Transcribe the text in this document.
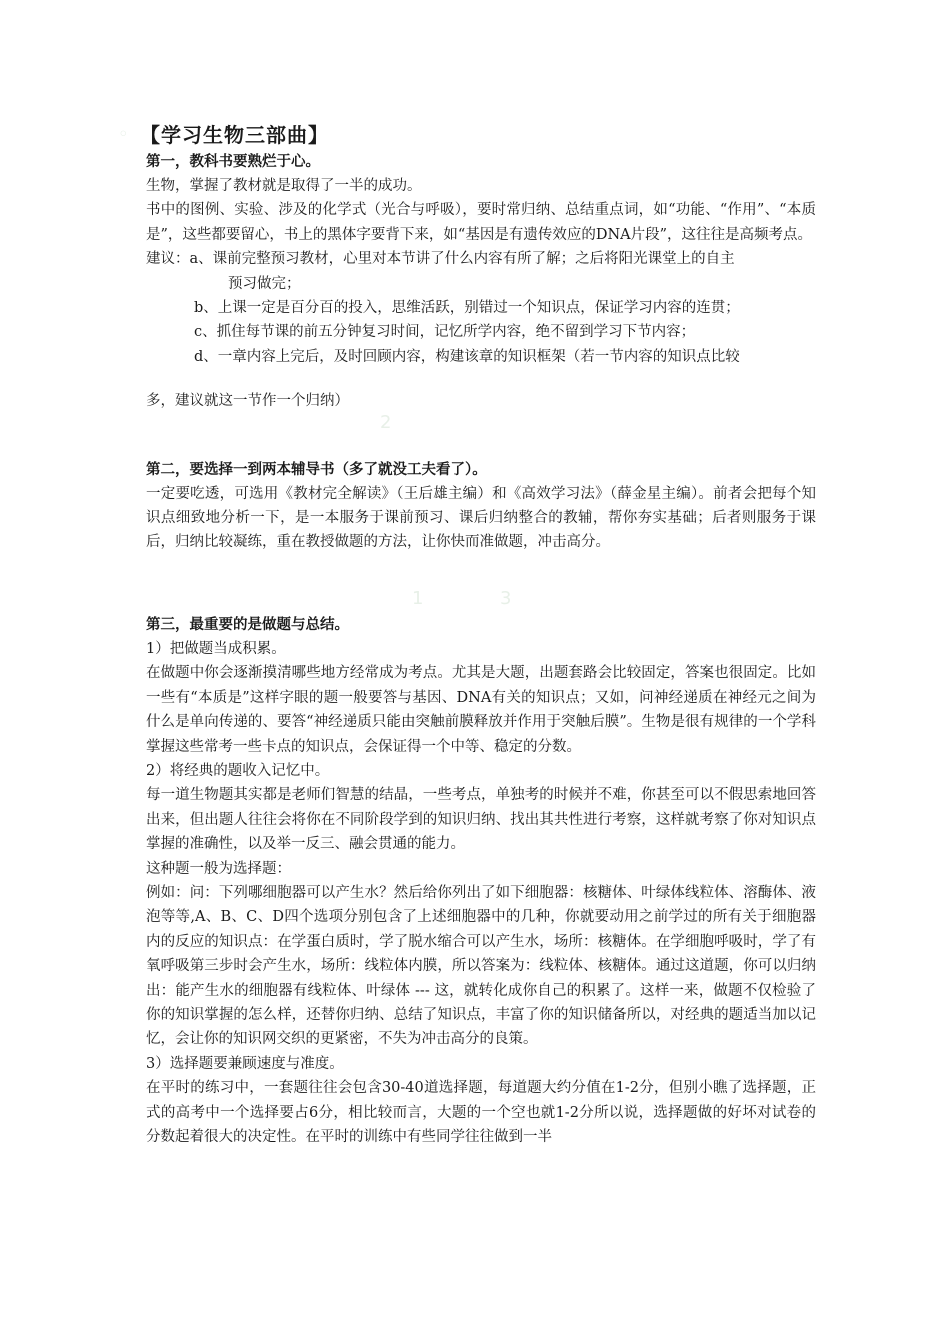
◦
2
1	3
【学习生物三部曲】
第一，教科书要熟烂于心。

生物，掌握了教材就是取得了一半的成功。

书中的图例、实验、涉及的化学式（光合与呼吸），要时常归纳、总结重点词，如“功能、“作用”、“本质是”，这些都要留心，书上的黑体字要背下来，如“基因是有遗传效应的DNA片段”，这往往是高频考点。

建议：a、课前完整预习教材，心里对本节讲了什么内容有所了解；之后将阳光课堂上的自主

预习做完；

b、上课一定是百分百的投入，思维活跃，别错过一个知识点，保证学习内容的连贯；

c、抓住每节课的前五分钟复习时间，记忆所学内容，绝不留到学习下节内容；

d、一章内容上完后，及时回顾内容，构建该章的知识框架（若一节内容的知识点比较

多，建议就这一节作一个归纳）

第二，要选择一到两本辅导书（多了就没工夫看了）。

一定要吃透，可选用《教材完全解读》（王后雄主编）和《高效学习法》（薛金星主编）。前者会把每个知识点细致地分析一下，是一本服务于课前预习、课后归纳整合的教辅，帮你夯实基础；后者则服务于课后，归纳比较凝练，重在教授做题的方法，让你快而准做题，冲击高分。

第三，最重要的是做题与总结。

1）把做题当成积累。

在做题中你会逐渐摸清哪些地方经常成为考点。尤其是大题，出题套路会比较固定，答案也很固定。比如一些有“本质是”这样字眼的题一般要答与基因、DNA有关的知识点；又如，问神经递质在神经元之间为什么是单向传递的、要答“神经递质只能由突触前膜释放并作用于突触后膜”。生物是很有规律的一个学科掌握这些常考一些卡点的知识点，会保证得一个中等、稳定的分数。

2）将经典的题收入记忆中。

每一道生物题其实都是老师们智慧的结晶，一些考点，单独考的时候并不难，你甚至可以不假思索地回答出来，但出题人往往会将你在不同阶段学到的知识归纳、找出其共性进行考察，这样就考察了你对知识点掌握的准确性，以及举一反三、融会贯通的能力。

这种题一般为选择题：

例如：问：下列哪细胞器可以产生水？然后给你列出了如下细胞器：核糖体、叶绿体线粒体、溶酶体、液泡等等,A、B、C、D四个选项分别包含了上述细胞器中的几种，你就要动用之前学过的所有关于细胞器内的反应的知识点：在学蛋白质时，学了脱水缩合可以产生水，场所：核糖体。在学细胞呼吸时，学了有氧呼吸第三步时会产生水，场所：线粒体内膜，所以答案为：线粒体、核糖体。通过这道题，你可以归纳出：能产生水的细胞器有线粒体、叶绿体 --- 这，就转化成你自己的积累了。这样一来，做题不仅检验了你的知识掌握的怎么样，还替你归纳、总结了知识点，丰富了你的知识储备所以，对经典的题适当加以记忆，会让你的知识网交织的更紧密，不失为冲击高分的良策。

3）选择题要兼顾速度与准度。

在平时的练习中，一套题往往会包含30-40道选择题，每道题大约分值在1-2分，但别小瞧了选择题，正式的高考中一个选择要占6分，相比较而言，大题的一个空也就1-2分所以说，选择题做的好坏对试卷的分数起着很大的决定性。在平时的训练中有些同学往往做到一半
